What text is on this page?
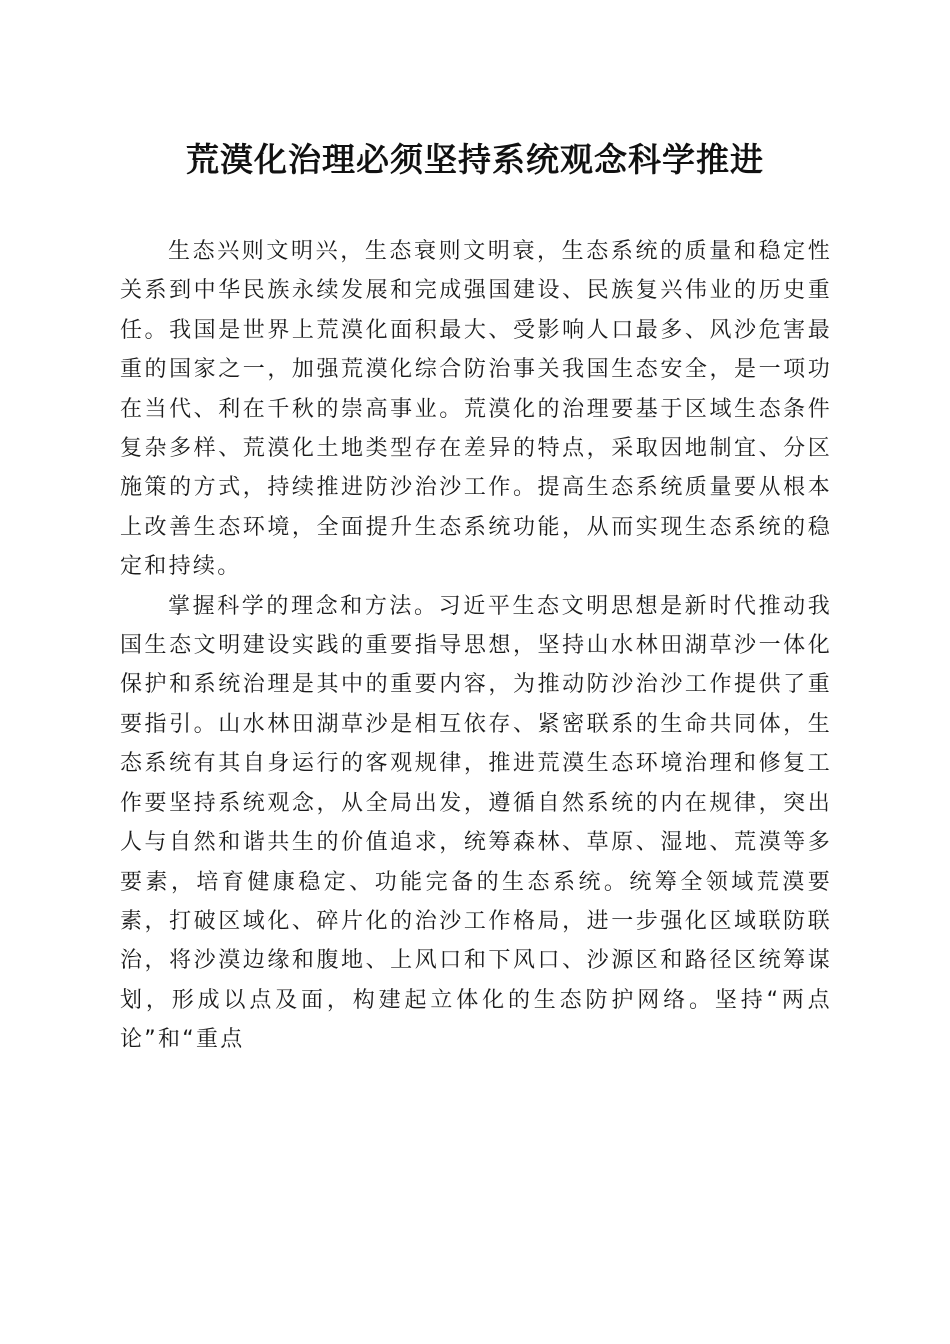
荒漠化治理必须坚持系统观念科学推进

生态兴则文明兴，生态衰则文明衰，生态系统的质量和稳定性关系到中华民族永续发展和完成强国建设、民族复兴伟业的历史重任。我国是世界上荒漠化面积最大、受影响人口最多、风沙危害最重的国家之一，加强荒漠化综合防治事关我国生态安全，是一项功在当代、利在千秋的崇高事业。荒漠化的治理要基于区域生态条件复杂多样、荒漠化土地类型存在差异的特点，采取因地制宜、分区施策的方式，持续推进防沙治沙工作。提高生态系统质量要从根本上改善生态环境，全面提升生态系统功能，从而实现生态系统的稳定和持续。

掌握科学的理念和方法。习近平生态文明思想是新时代推动我国生态文明建设实践的重要指导思想，坚持山水林田湖草沙一体化保护和系统治理是其中的重要内容，为推动防沙治沙工作提供了重要指引。山水林田湖草沙是相互依存、紧密联系的生命共同体，生态系统有其自身运行的客观规律，推进荒漠生态环境治理和修复工作要坚持系统观念，从全局出发，遵循自然系统的内在规律，突出人与自然和谐共生的价值追求，统筹森林、草原、湿地、荒漠等多要素，培育健康稳定、功能完备的生态系统。统筹全领域荒漠要素，打破区域化、碎片化的治沙工作格局，进一步强化区域联防联治，将沙漠边缘和腹地、上风口和下风口、沙源区和路径区统筹谋划，形成以点及面，构建起立体化的生态防护网络。坚持“两点论”和“重点
